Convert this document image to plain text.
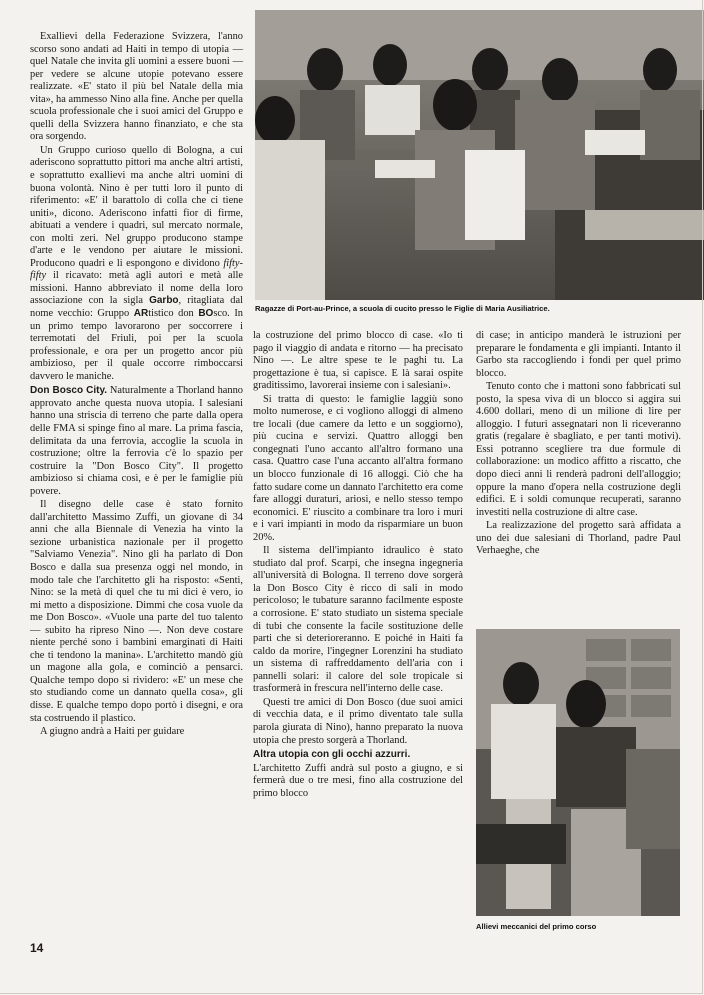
Exallievi della Federazione Svizzera, l'anno scorso sono andati ad Haiti in tempo di utopia — quel Natale che invita gli uomini a essere buoni — per vedere se alcune utopie potevano essere realizzate. «E' stato il più bel Natale della mia vita», ha ammesso Nino alla fine. Anche per quella scuola professionale che i suoi amici del Gruppo e quelli della Svizzera hanno finanziato, e che sta ora sorgendo.

Un Gruppo curioso quello di Bologna, a cui aderiscono soprattutto pittori ma anche altri artisti, e soprattutto exallievi ma anche altri uomini di buona volontà. Nino è per tutti loro il punto di riferimento: «E' il barattolo di colla che ci tiene uniti», dicono. Aderiscono infatti fior di firme, abituati a vendere i quadri, sul mercato normale, con molti zeri. Nel gruppo producono stampe d'arte e le vendono per aiutare le missioni. Producono quadri e li espongono e dividono fifty-fifty il ricavato: metà agli autori e metà alle missioni. Hanno abbreviato il nome della loro associazione con la sigla Garbo, ritagliata dal nome vecchio: Gruppo ARtistico don BOsco. In un primo tempo lavorarono per soccorrere i terremotati del Friuli, poi per la scuola professionale, e ora per un progetto ancor più ambizioso, per il quale occorre rimboccarsi davvero le maniche.

Don Bosco City. Naturalmente a Thorland hanno approvato anche questa nuova utopia. I salesiani hanno una striscia di terreno che parte dalla opera delle FMA si spinge fino al mare. La prima fascia, delimitata da una ferrovia, accoglie la scuola in costruzione; oltre la ferrovia c'è lo spazio per costruire la "Don Bosco City". Il progetto ambizioso si chiama così, e è per le famiglie più povere.

Il disegno delle case è stato fornito dall'architetto Massimo Zuffi, un giovane di 34 anni che alla Biennale di Venezia ha vinto la sezione urbanistica nazionale per il progetto "Salviamo Venezia". Nino gli ha parlato di Don Bosco e dalla sua presenza oggi nel mondo, in modo tale che l'architetto gli ha risposto: «Senti, Nino: se la metà di quel che tu mi dici è vero, io mi metto a disposizione. Dimmi che cosa vuole da me Don Bosco». «Vuole una parte del tuo talento — subito ha ripreso Nino —. Non deve costare niente perché sono i bambini emarginati di Haiti che ti tendono la manina». L'architetto mandò giù un magone alla gola, e cominciò a pensarci. Qualche tempo dopo si rividero: «E' un mese che sto studiando come un dannato quella cosa», gli disse. E qualche tempo dopo portò i disegni, e ora sta costruendo il plastico.

A giugno andrà a Haiti per guidare

Ragazze di Port-au-Prince, a scuola di cucito presso le Figlie di Maria Ausiliatrice.

la costruzione del primo blocco di case. «Io ti pago il viaggio di andata e ritorno — ha precisato Nino —. Le altre spese te le paghi tu. La progettazione è tua, si capisce. E là sarai ospite graditissimo, lavorerai insieme con i salesiani».

Si tratta di questo: le famiglie laggiù sono molto numerose, e ci vogliono alloggi di almeno tre locali (due camere da letto e un soggiorno), più cucina e servizi. Quattro alloggi ben congegnati l'uno accanto all'altro formano una casa. Quattro case l'una accanto all'altra formano un blocco funzionale di 16 alloggi. Ciò che ha fatto sudare come un dannato l'architetto era come fare alloggi duraturi, ariosi, e nello stesso tempo economici. E' riuscito a combinare tra loro i muri e i vari impianti in modo da risparmiare un buon 20%.

Il sistema dell'impianto idraulico è stato studiato dal prof. Scarpi, che insegna ingegneria all'università di Bologna. Il terreno dove sorgerà la Don Bosco City è ricco di sali in modo pericoloso; le tubature saranno facilmente esposte a corrosione. E' stato studiato un sistema speciale di tubi che consente la facile sostituzione delle parti che si deterioreranno. E poiché in Haiti fa caldo da morire, l'ingegner Lorenzini ha studiato un sistema di raffreddamento dell'aria con i pannelli solari: il calore del sole tropicale si trasformerà in frescura nell'interno delle case.

Questi tre amici di Don Bosco (due suoi amici di vecchia data, e il primo diventato tale sulla parola giurata di Nino), hanno preparato la nuova utopia che presto sorgerà a Thorland.

Altra utopia con gli occhi azzurri.

L'architetto Zuffi andrà sul posto a giugno, e si fermerà due o tre mesi, fino alla costruzione del primo blocco

di case; in anticipo manderà le istruzioni per preparare le fondamenta e gli impianti. Intanto il Garbo sta raccogliendo i fondi per quel primo blocco.

Tenuto conto che i mattoni sono fabbricati sul posto, la spesa viva di un blocco si aggira sui 4.600 dollari, meno di un milione di lire per alloggio. I futuri assegnatari non li riceveranno gratis (regalare è sbagliato, e per tanti motivi). Essi potranno scegliere tra due formule di collaborazione: un modico affitto a riscatto, che dopo dieci anni li renderà padroni dell'alloggio; oppure la mano d'opera nella costruzione degli edifici. E i soldi comunque recuperati, saranno investiti nella costruzione di altre case.

La realizzazione del progetto sarà affidata a uno dei due salesiani di Thorland, padre Paul Verhaeghe, che

Allievi meccanici del primo corso
14
